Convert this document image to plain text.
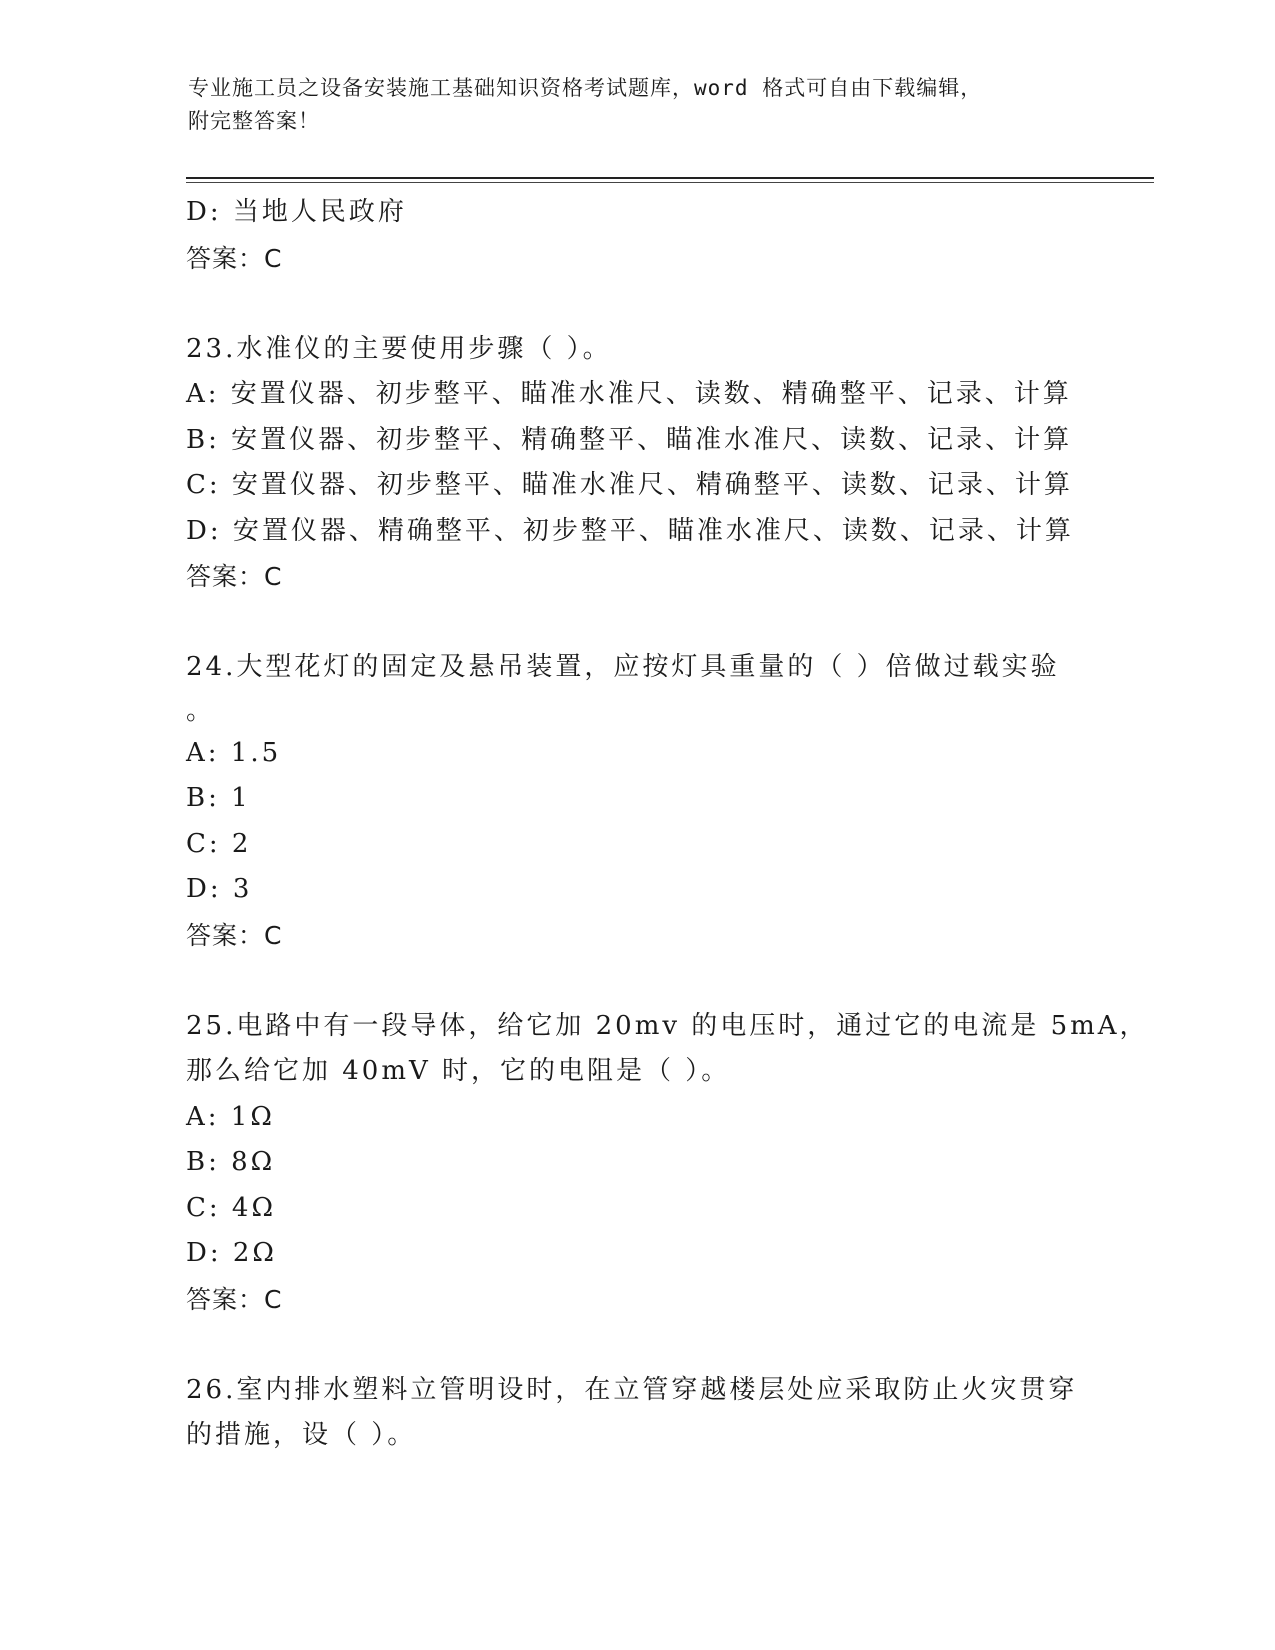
专业施工员之设备安装施工基础知识资格考试题库，word 格式可自由下载编辑，
附完整答案！
D: 当地人民政府
答案：C
23.水准仪的主要使用步骤（ ）。
A: 安置仪器、初步整平、瞄准水准尺、读数、精确整平、记录、计算
B: 安置仪器、初步整平、精确整平、瞄准水准尺、读数、记录、计算
C: 安置仪器、初步整平、瞄准水准尺、精确整平、读数、记录、计算
D: 安置仪器、精确整平、初步整平、瞄准水准尺、读数、记录、计算
答案：C
24.大型花灯的固定及悬吊装置，应按灯具重量的（ ）倍做过载实验
。
A: 1.5
B: 1
C: 2
D: 3
答案：C
25.电路中有一段导体，给它加 20mv 的电压时，通过它的电流是 5mA，
那么给它加 40mV 时，它的电阻是（ ）。
A: 1Ω
B: 8Ω
C: 4Ω
D: 2Ω
答案：C
26.室内排水塑料立管明设时，在立管穿越楼层处应采取防止火灾贯穿
的措施，设（ ）。
